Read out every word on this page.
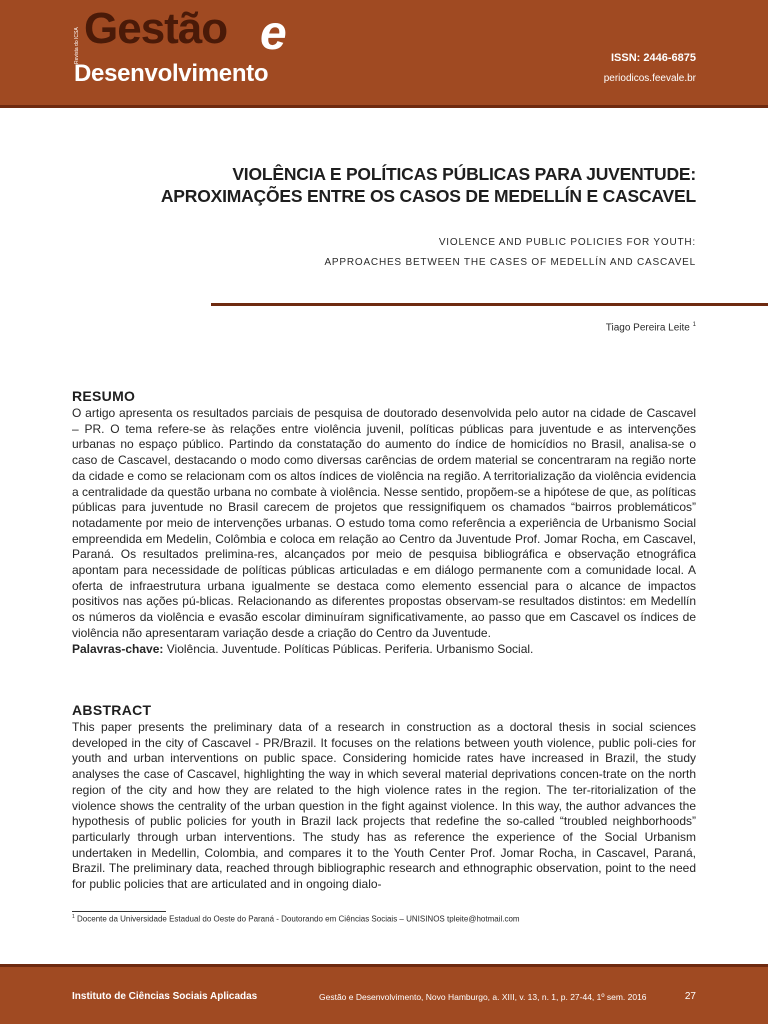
Revista do ICSA Gestão e
Desenvolvimento
ISSN: 2446-6875
periodicos.feevale.br
VIOLÊNCIA E POLÍTICAS PÚBLICAS PARA JUVENTUDE:
APROXIMAÇÕES ENTRE OS CASOS DE MEDELLÍN E CASCAVEL
VIOLENCE AND PUBLIC POLICIES FOR YOUTH:
APPROACHES BETWEEN THE CASES OF MEDELLÍN AND CASCAVEL
Tiago Pereira Leite $^1$
RESUMO
O artigo apresenta os resultados parciais de pesquisa de doutorado desenvolvida pelo autor na cidade de Cascavel – PR. O tema refere-se às relações entre violência juvenil, políticas públicas para juventude e as intervenções urbanas no espaço público. Partindo da constatação do aumento do índice de homicídios no Brasil, analisa-se o caso de Cascavel, destacando o modo como diversas carências de ordem material se concentraram na região norte da cidade e como se relacionam com os altos índices de violência na região. A territorialização da violência evidencia a centralidade da questão urbana no combate à violência. Nesse sentido, propõem-se a hipótese de que, as políticas públicas para juventude no Brasil carecem de projetos que ressignifiquem os chamados “bairros problemáticos” notadamente por meio de intervenções urbanas. O estudo toma como referência a experiência de Urbanismo Social empreendida em Medelin, Colômbia e coloca em relação ao Centro da Juventude Prof. Jomar Rocha, em Cascavel, Paraná. Os resultados prelimina-res, alcançados por meio de pesquisa bibliográfica e observação etnográfica apontam para necessidade de políticas públicas articuladas e em diálogo permanente com a comunidade local. A oferta de infraestrutura urbana igualmente se destaca como elemento essencial para o alcance de impactos positivos nas ações pú-blicas. Relacionando as diferentes propostas observam-se resultados distintos: em Medellín os números da violência e evasão escolar diminuíram significativamente, ao passo que em Cascavel os índices de violência não apresentaram variação desde a criação do Centro da Juventude.
Palavras-chave: Violência. Juventude. Políticas Públicas. Periferia. Urbanismo Social.
ABSTRACT
This paper presents the preliminary data of a research in construction as a doctoral thesis in social sciences developed in the city of Cascavel - PR/Brazil. It focuses on the relations between youth violence, public poli-cies for youth and urban interventions on public space. Considering homicide rates have increased in Brazil, the study analyses the case of Cascavel, highlighting the way in which several material deprivations concen-trate on the north region of the city and how they are related to the high violence rates in the region. The ter-ritorialization of the violence shows the centrality of the urban question in the fight against violence. In this way, the author advances the hypothesis of public policies for youth in Brazil lack projects that redefine the so-called “troubled neighborhoods” particularly through urban interventions. The study has as reference the experience of the Social Urbanism undertaken in Medellin, Colombia, and compares it to the Youth Center Prof. Jomar Rocha, in Cascavel, Paraná, Brazil. The preliminary data, reached through bibliographic research and ethnographic observation, point to the need for public policies that are articulated and in ongoing dialo-
$^1$ Docente da Universidade Estadual do Oeste do Paraná - Doutorando em Ciências Sociais – UNISINOS tpleite@hotmail.com
Instituto de Ciências Sociais Aplicadas	Gestão e Desenvolvimento, Novo Hamburgo, a. XIII, v. 13, n. 1, p. 27-44, 1º sem. 2016	27
